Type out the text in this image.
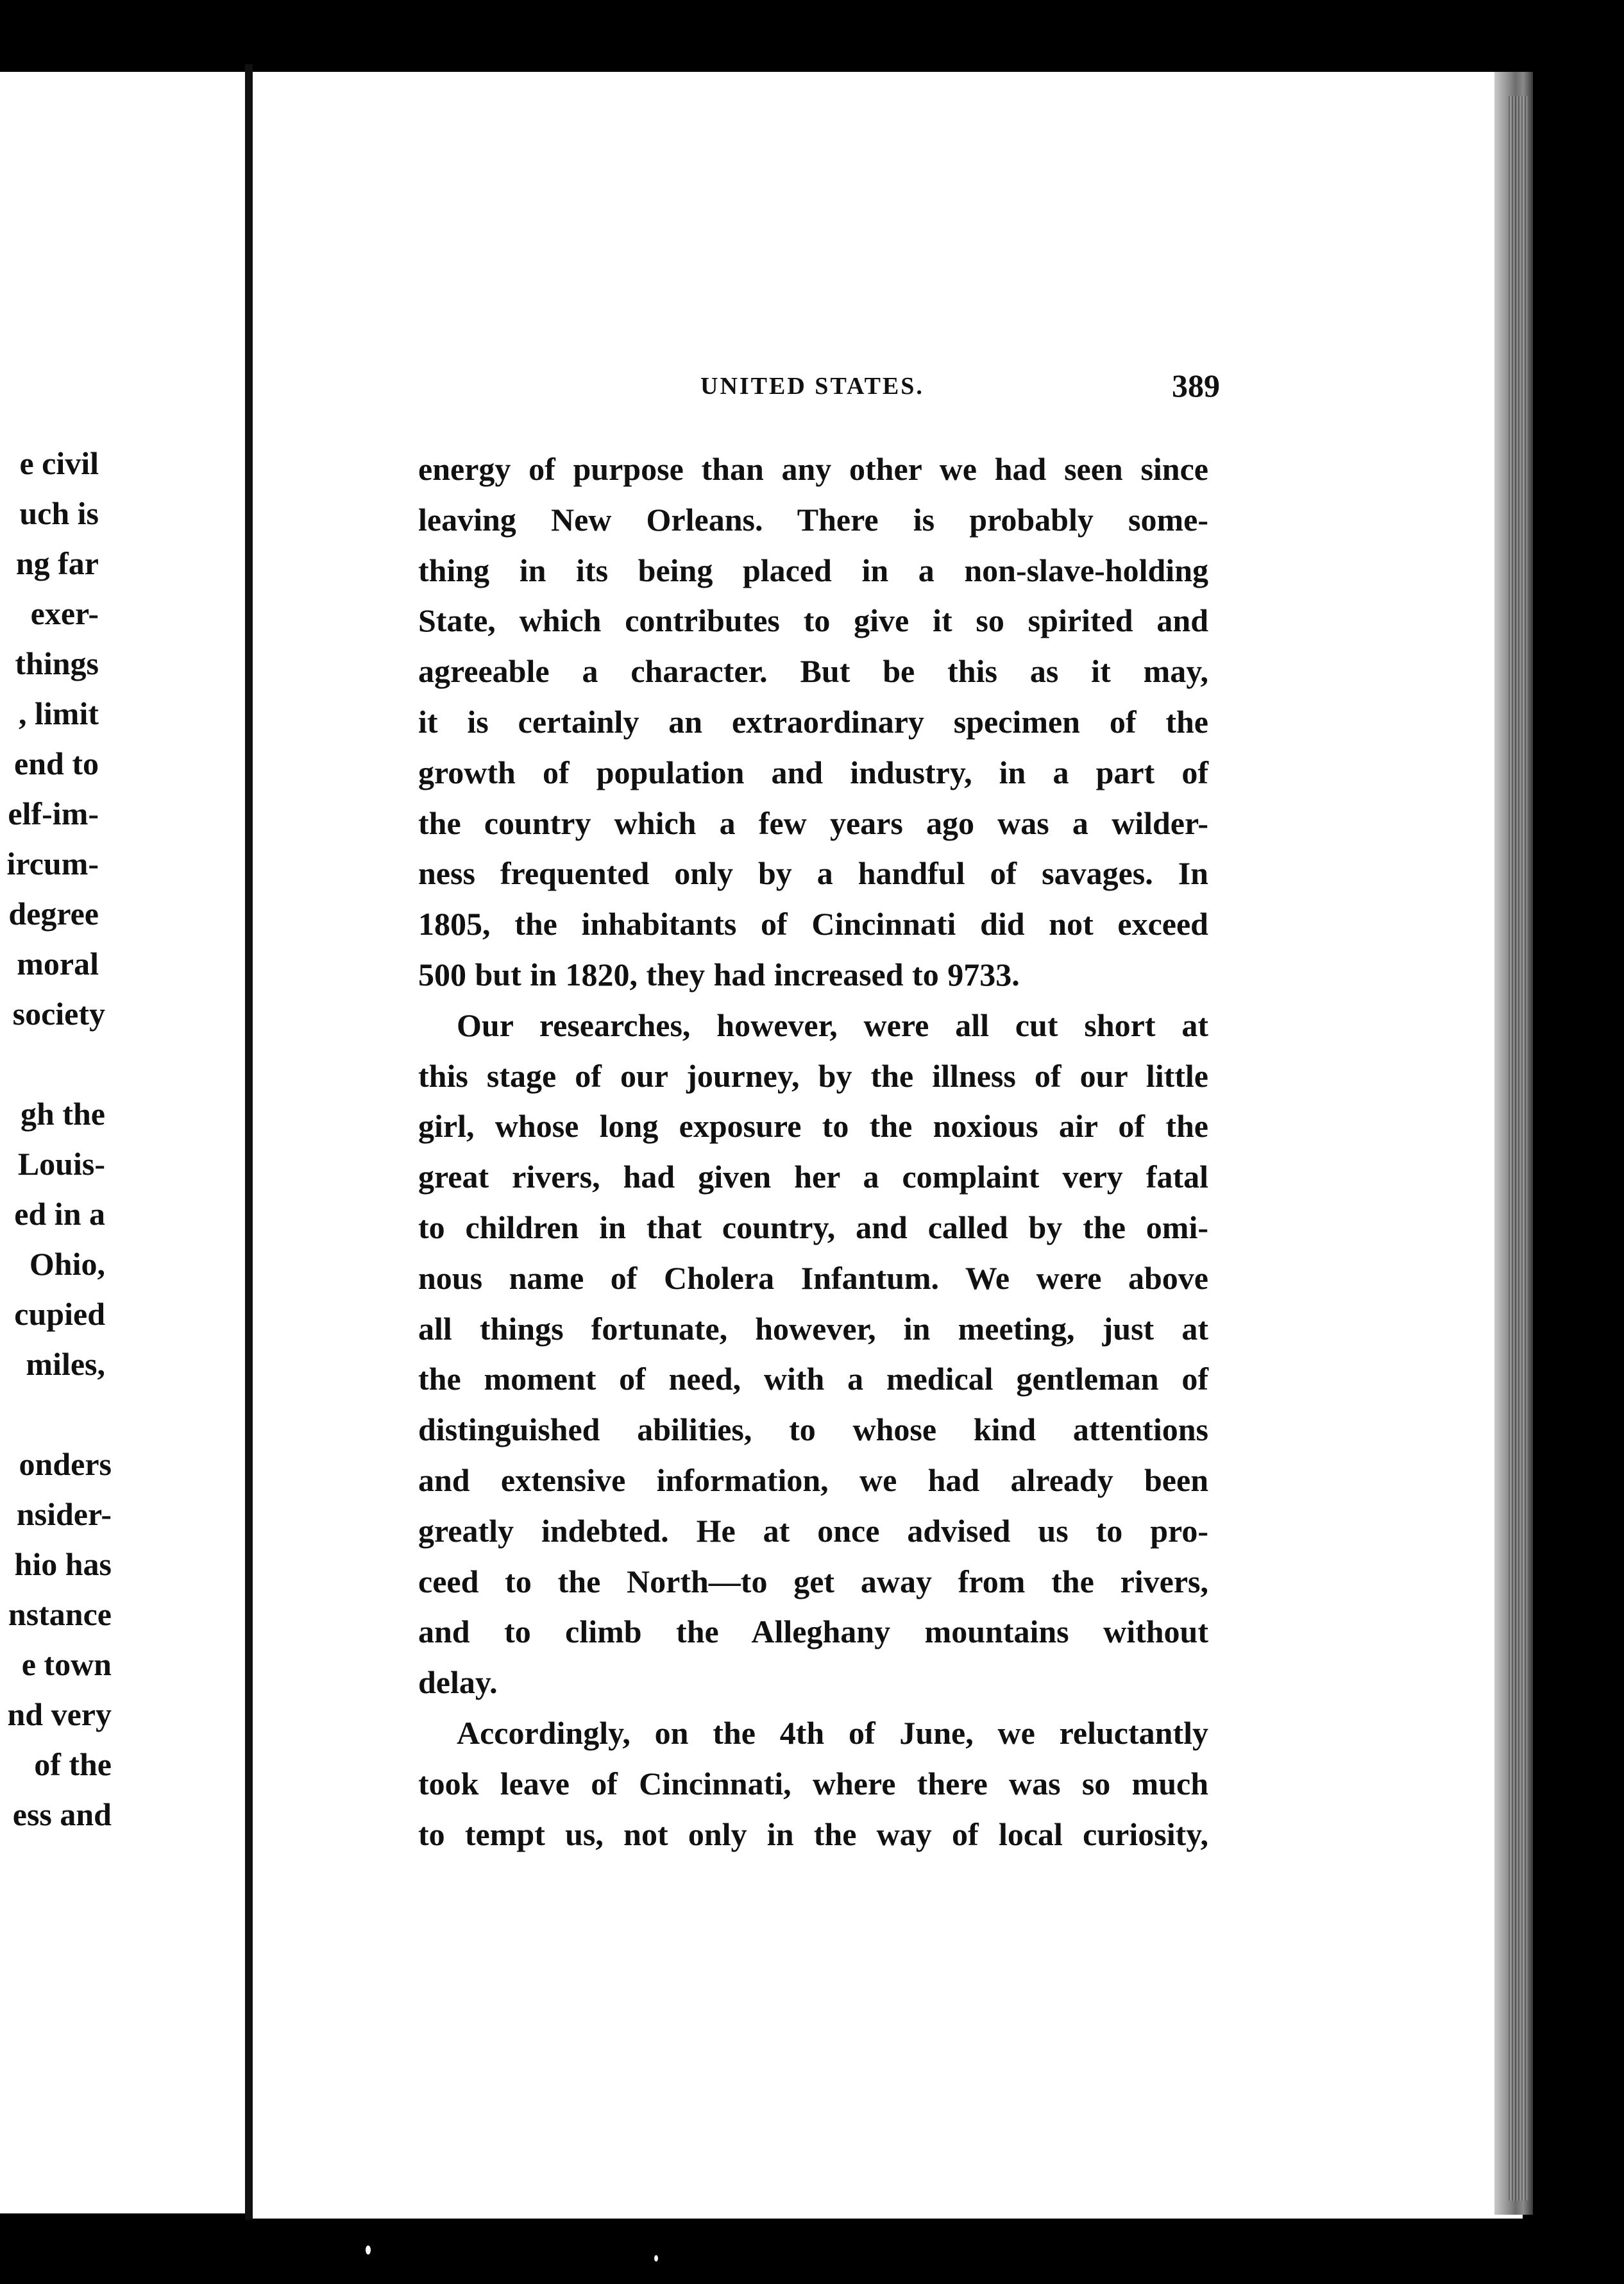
e civil
uch is
ng far
exer-
things
, limit
end to
elf-im-
ircum-
degree
moral
society
gh the
Louis-
ed in a
Ohio,
cupied
miles,
onders
nsider-
hio has
nstance
e town
nd very
of the
ess and
UNITED STATES.	389
energy of purpose than any other we had seen since
leaving New Orleans. There is probably some-
thing in its being placed in a non-slave-holding
State, which contributes to give it so spirited and
agreeable a character. But be this as it may,
it is certainly an extraordinary specimen of the
growth of population and industry, in a part of
the country which a few years ago was a wilder-
ness frequented only by a handful of savages. In
1805, the inhabitants of Cincinnati did not exceed
500 but in 1820, they had increased to 9733.
Our researches, however, were all cut short at
this stage of our journey, by the illness of our little
girl, whose long exposure to the noxious air of the
great rivers, had given her a complaint very fatal
to children in that country, and called by the omi-
nous name of Cholera Infantum. We were above
all things fortunate, however, in meeting, just at
the moment of need, with a medical gentleman of
distinguished abilities, to whose kind attentions
and extensive information, we had already been
greatly indebted. He at once advised us to pro-
ceed to the North—to get away from the rivers,
and to climb the Alleghany mountains without
delay.
Accordingly, on the 4th of June, we reluctantly
took leave of Cincinnati, where there was so much
to tempt us, not only in the way of local curiosity,
